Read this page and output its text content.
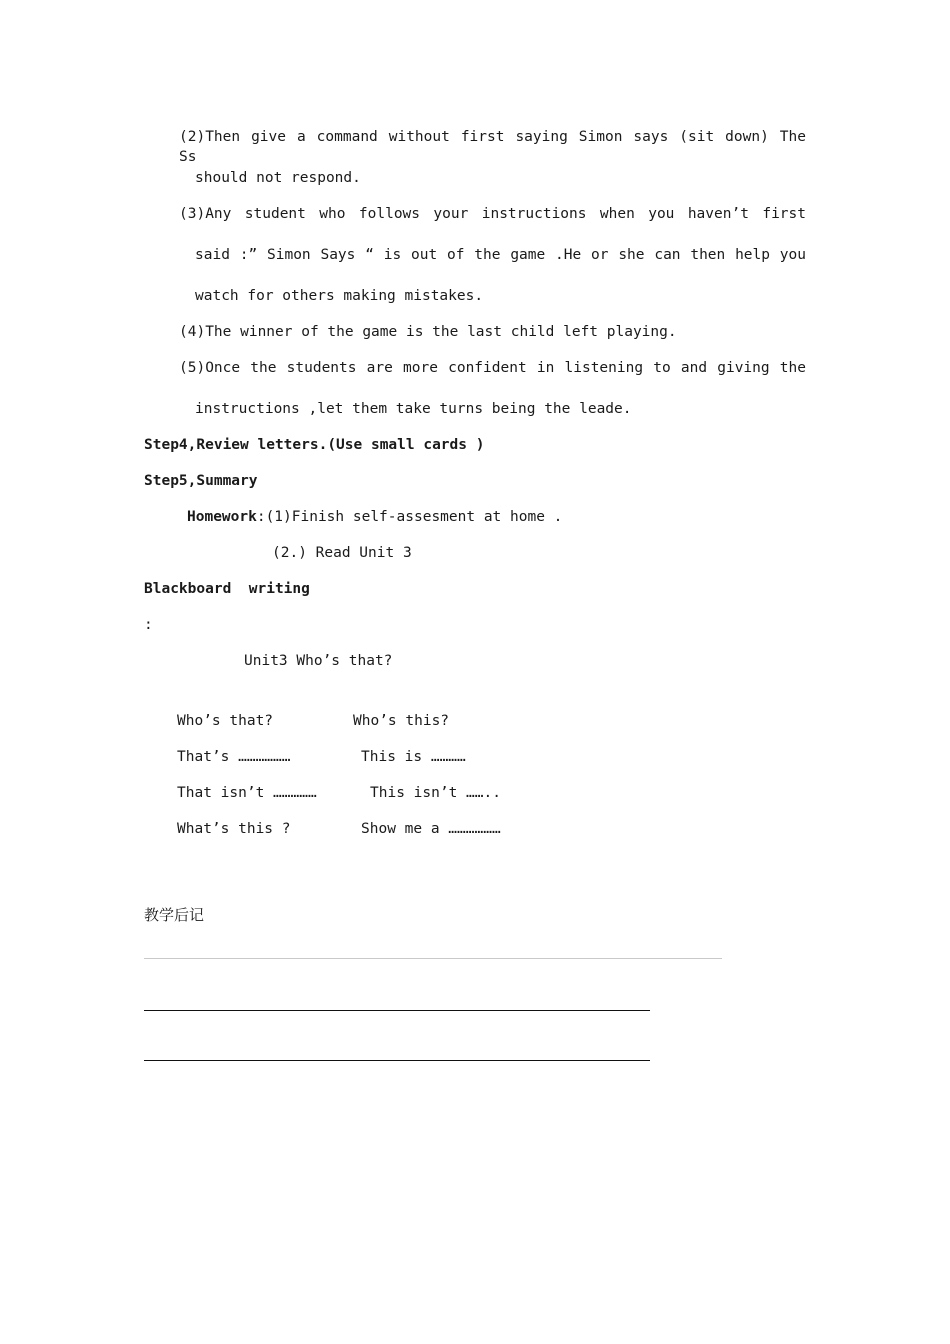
(2)Then give a command without first saying Simon says (sit down) The Ss
should not respond.
(3)Any student who follows your instructions when you haven’t first
said :” Simon Says “ is out of the game .He or she can then help you
watch for others making mistakes.
(4)The winner of the game is the last child left playing.
(5)Once the students are more confident in listening to and giving the
instructions ,let them take turns being the leade.
Step4,Review letters.(Use small cards )
Step5,Summary
Homework:(1)Finish self-assesment at home .
(2.) Read Unit 3
Blackboard  writing
:
Unit3 Who’s that?
Who’s that?	Who’s this?
That’s ………………	This is …………
That isn’t ……………	This isn’t ……..
What’s this ?	Show me a ………………
教学后记
